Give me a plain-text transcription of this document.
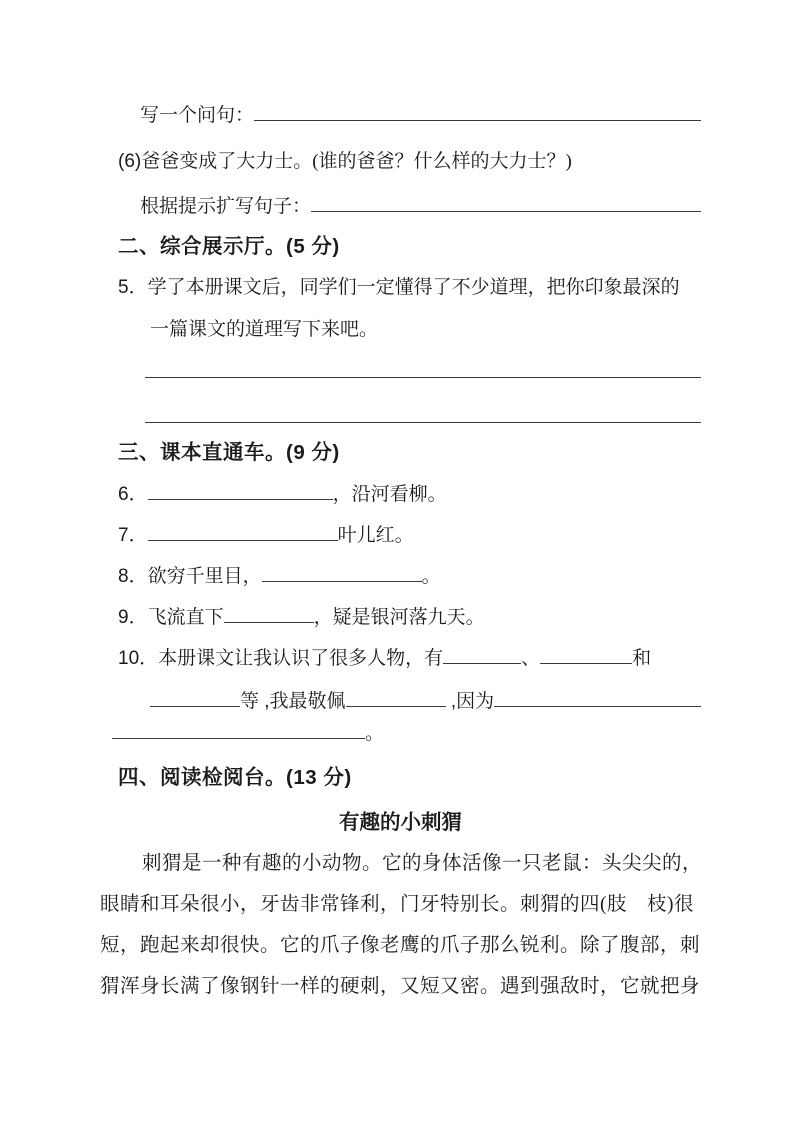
写一个问句：
(6)爸爸变成了大力士。 (谁的爸爸？什么样的大力士？)
根据提示扩写句子：
二、综合展示厅。(5 分)
5． 学了本册课文后，同学们一定懂得了不少道理，把你印象最深的
一篇课文的道理写下来吧。
三、课本直通车。(9 分)
6．	，沿河看柳。
7．	叶儿红。
8． 欲穷千里目，	。
9． 飞流直下	，疑是银河落九天。
10． 本册课文让我认识了很多人物，有	、	和
等 ,我最敬佩	,因为
。
四、阅读检阅台。(13 分)
有趣的小刺猬
刺猬是一种有趣的小动物。它的身体活像一只老鼠：头尖尖的，
眼睛和耳朵很小，牙齿非常锋利，门牙特别长。刺猬的四(肢　枝)很
短，跑起来却很快。它的爪子像老鹰的爪子那么锐利。除了腹部，刺
猬浑身长满了像钢针一样的硬刺，又短又密。遇到强敌时，它就把身
